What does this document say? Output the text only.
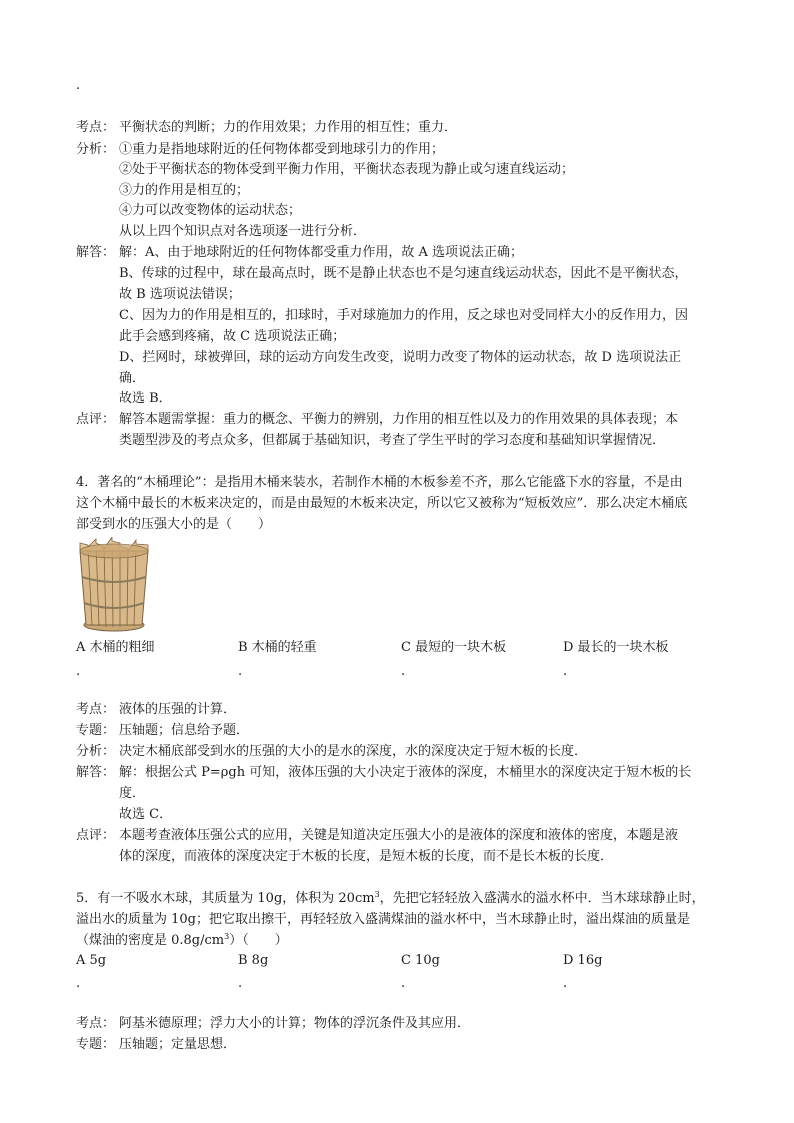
.
考点： 平衡状态的判断；力的作用效果；力作用的相互性；重力．
分析： ①重力是指地球附近的任何物体都受到地球引力的作用；
②处于平衡状态的物体受到平衡力作用，平衡状态表现为静止或匀速直线运动；
③力的作用是相互的；
④力可以改变物体的运动状态；
从以上四个知识点对各选项逐一进行分析．
解答： 解：A、由于地球附近的任何物体都受重力作用，故 A 选项说法正确；
B、传球的过程中，球在最高点时，既不是静止状态也不是匀速直线运动状态，因此不是平衡状态，
故 B 选项说法错误；
C、因为力的作用是相互的，扣球时，手对球施加力的作用，反之球也对受同样大小的反作用力，因
此手会感到疼痛，故 C 选项说法正确；
D、拦网时，球被弹回，球的运动方向发生改变，说明力改变了物体的运动状态，故 D 选项说法正
确．
故选 B．
点评： 解答本题需掌握：重力的概念、平衡力的辨别，力作用的相互性以及力的作用效果的具体表现；本
类题型涉及的考点众多，但都属于基础知识，考查了学生平时的学习态度和基础知识掌握情况．
4．著名的“木桶理论”：是指用木桶来装水，若制作木桶的木板参差不齐，那么它能盛下水的容量，不是由
这个木桶中最长的木板来决定的，而是由最短的木板来决定，所以它又被称为“短板效应”．那么决定木桶底
部受到水的压强大小的是（　　）
A 木桶的粗细	B 木桶的轻重	C 最短的一块木板	D 最长的一块木板
.	.	.	.
考点： 液体的压强的计算．
专题： 压轴题；信息给予题．
分析： 决定木桶底部受到水的压强的大小的是水的深度，水的深度决定于短木板的长度．
解答： 解：根据公式 P=ρgh 可知，液体压强的大小决定于液体的深度，木桶里水的深度决定于短木板的长
度．
故选 C．
点评： 本题考查液体压强公式的应用，关键是知道决定压强大小的是液体的深度和液体的密度，本题是液
体的深度，而液体的深度决定于木板的长度，是短木板的长度，而不是长木板的长度．
5．有一不吸水木球，其质量为 10g，体积为 $20cm^3$，先把它轻轻放入盛满水的溢水杯中．当木球球静止时，
溢出水的质量为 10g；把它取出擦干，再轻轻放入盛满煤油的溢水杯中，当木球静止时，溢出煤油的质量是
（煤油的密度是 $0.8g/cm^3$）（　　）
A 5g	B 8g	C 10g	D 16g
.	.	.	.
考点： 阿基米德原理；浮力大小的计算；物体的浮沉条件及其应用．
专题： 压轴题；定量思想．
